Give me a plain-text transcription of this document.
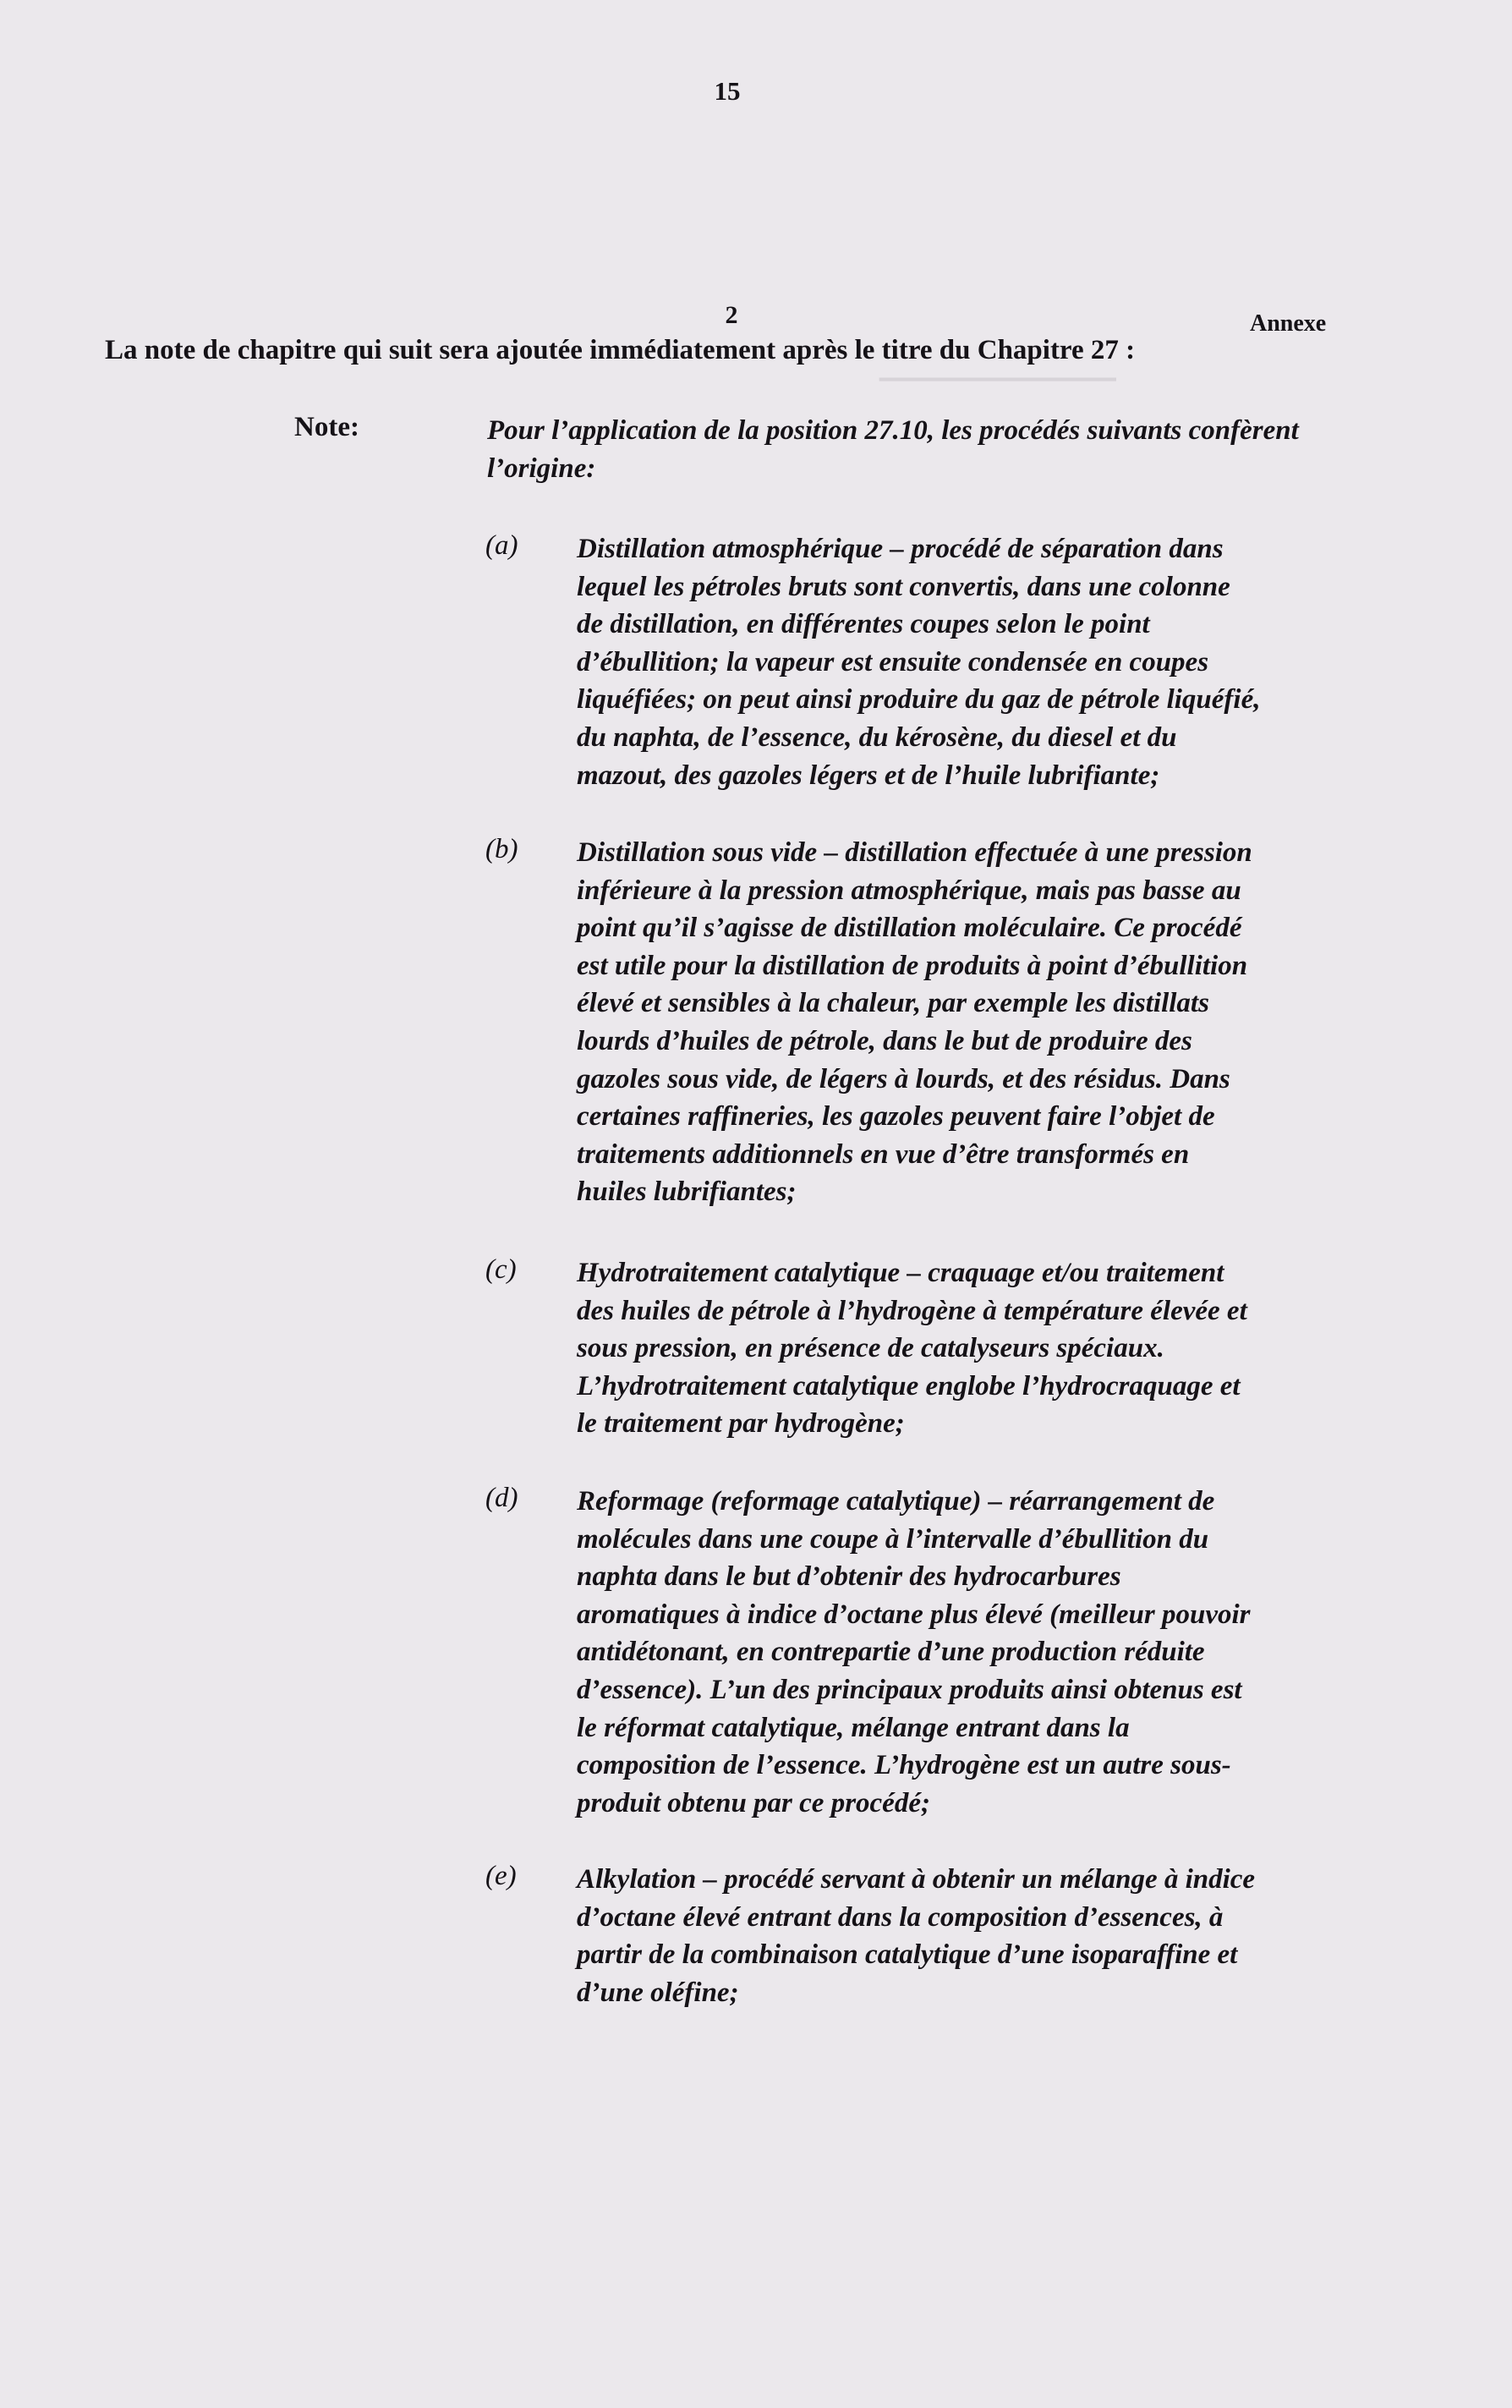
▔▔▔▔▔▔▔▔▔▔▔▔▔▔
15
2	Annexe
La note de chapitre qui suit sera ajoutée immédiatement après le titre du Chapitre 27 :
Note:	Pour l’application de la position 27.10, les procédés suivants confèrent l’origine:
(a) Distillation atmosphérique – procédé de séparation dans
lequel les pétroles bruts sont convertis, dans une colonne
de distillation, en différentes coupes selon le point
d’ébullition; la vapeur est ensuite condensée en coupes
liquéfiées; on peut ainsi produire du gaz de pétrole liquéfié,
du naphta, de l’essence, du kérosène, du diesel et du
mazout, des gazoles légers et de l’huile lubrifiante;
(b) Distillation sous vide – distillation effectuée à une pression
inférieure à la pression atmosphérique, mais pas basse au
point qu’il s’agisse de distillation moléculaire. Ce procédé
est utile pour la distillation de produits à point d’ébullition
élevé et sensibles à la chaleur, par exemple les distillats
lourds d’huiles de pétrole, dans le but de produire des
gazoles sous vide, de légers à lourds, et des résidus. Dans
certaines raffineries, les gazoles peuvent faire l’objet de
traitements additionnels en vue d’être transformés en
huiles lubrifiantes;
(c) Hydrotraitement catalytique – craquage et/ou traitement
des huiles de pétrole à l’hydrogène à température élevée et
sous pression, en présence de catalyseurs spéciaux.
L’hydrotraitement catalytique englobe l’hydrocraquage et
le traitement par hydrogène;
(d) Reformage (reformage catalytique) – réarrangement de
molécules dans une coupe à l’intervalle d’ébullition du
naphta dans le but d’obtenir des hydrocarbures
aromatiques à indice d’octane plus élevé (meilleur pouvoir
antidétonant, en contrepartie d’une production réduite
d’essence). L’un des principaux produits ainsi obtenus est
le réformat catalytique, mélange entrant dans la
composition de l’essence. L’hydrogène est un autre sous-
produit obtenu par ce procédé;
(e) Alkylation – procédé servant à obtenir un mélange à indice
d’octane élevé entrant dans la composition d’essences, à
partir de la combinaison catalytique d’une isoparaffine et
d’une oléfine;
